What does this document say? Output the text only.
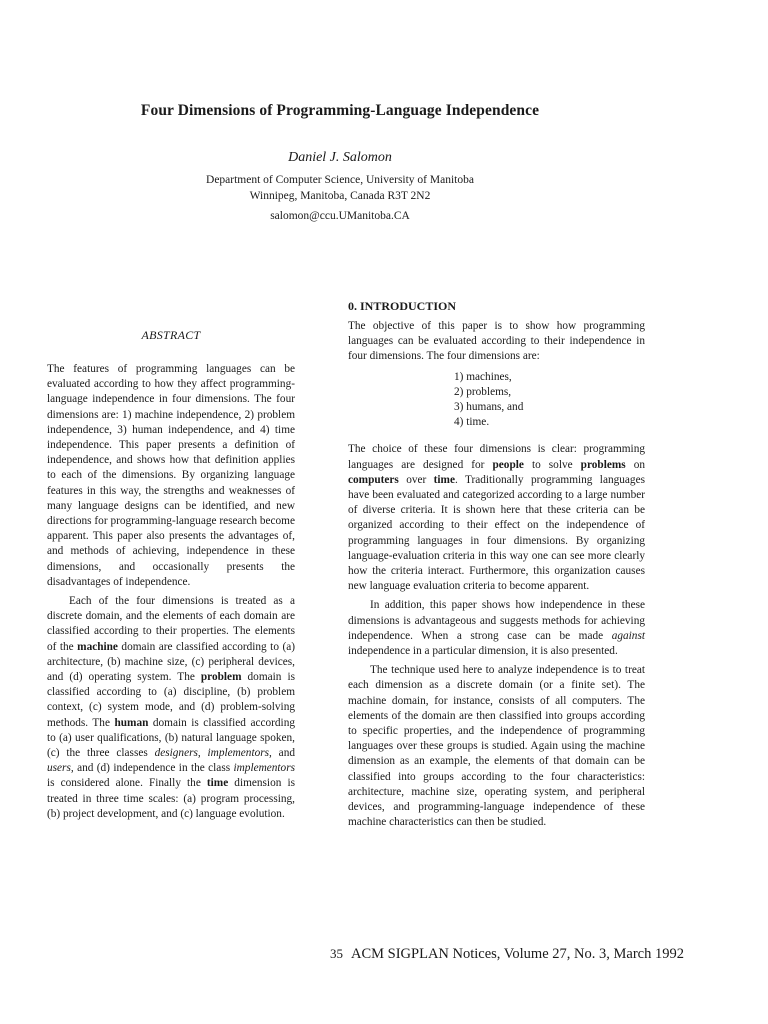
Four Dimensions of Programming-Language Independence
Daniel J. Salomon
Department of Computer Science, University of Manitoba
Winnipeg, Manitoba, Canada R3T 2N2
salomon@ccu.UManitoba.CA
ABSTRACT

The features of programming languages can be evaluated according to how they affect programming-language independence in four dimensions. The four dimensions are: 1) machine independence, 2) problem independence, 3) human independence, and 4) time independence. This paper presents a definition of independence, and shows how that definition applies to each of the dimensions. By organizing language features in this way, the strengths and weaknesses of many language designs can be identified, and new directions for programming-language research become apparent. This paper also presents the advantages of, and methods of achieving, independence in these dimensions, and occasionally presents the disadvantages of independence.

Each of the four dimensions is treated as a discrete domain, and the elements of each domain are classified according to their properties. The elements of the machine domain are classified according to (a) architecture, (b) machine size, (c) peripheral devices, and (d) operating system. The problem domain is classified according to (a) discipline, (b) problem context, (c) system mode, and (d) problem-solving methods. The human domain is classified according to (a) user qualifications, (b) natural language spoken, (c) the three classes designers, implementors, and users, and (d) independence in the class implementors is considered alone. Finally the time dimension is treated in three time scales: (a) program processing, (b) project development, and (c) language evolution.

0. INTRODUCTION

The objective of this paper is to show how programming languages can be evaluated according to their independence in four dimensions. The four dimensions are:

1) machines,
2) problems,
3) humans, and
4) time.

The choice of these four dimensions is clear: programming languages are designed for people to solve problems on computers over time. Traditionally programming languages have been evaluated and categorized according to a large number of diverse criteria. It is shown here that these criteria can be organized according to their effect on the independence of programming languages in four dimensions. By organizing language-evaluation criteria in this way one can see more clearly how the criteria interact. Furthermore, this organization causes new language evaluation criteria to become apparent.

In addition, this paper shows how independence in these dimensions is advantageous and suggests methods for achieving independence. When a strong case can be made against independence in a particular dimension, it is also presented.

The technique used here to analyze independence is to treat each dimension as a discrete domain (or a finite set). The machine domain, for instance, consists of all computers. The elements of the domain are then classified into groups according to specific properties, and the independence of programming languages over these groups is studied. Again using the machine dimension as an example, the elements of that domain can be classified into groups according to the four characteristics: architecture, machine size, operating system, and peripheral devices, and programming-language independence of these machine characteristics can then be studied.

35 ACM SIGPLAN Notices, Volume 27, No. 3, March 1992
